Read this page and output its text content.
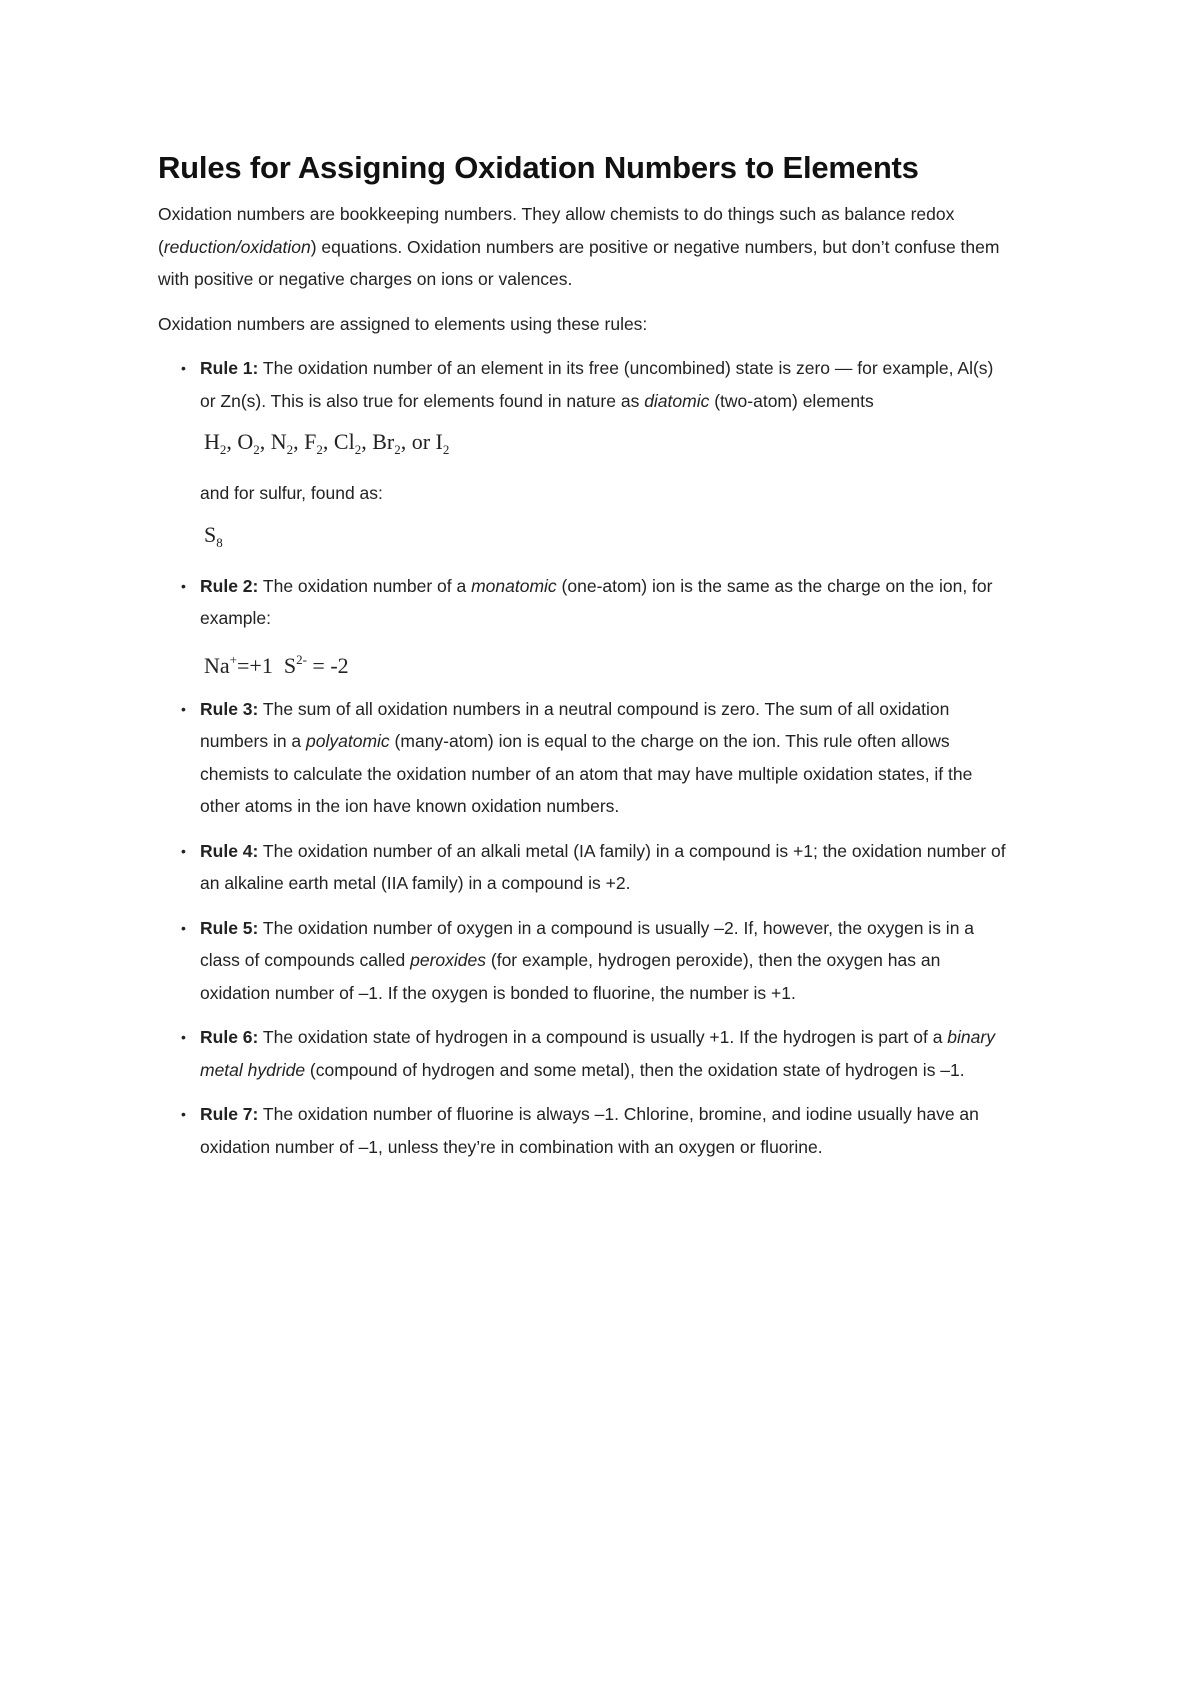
Rules for Assigning Oxidation Numbers to Elements

Oxidation numbers are bookkeeping numbers. They allow chemists to do things such as balance redox (reduction/oxidation) equations. Oxidation numbers are positive or negative numbers, but don’t confuse them with positive or negative charges on ions or valences.

Oxidation numbers are assigned to elements using these rules:

• Rule 1: The oxidation number of an element in its free (uncombined) state is zero — for example, Al(s) or Zn(s). This is also true for elements found in nature as diatomic (two-atom) elements
$H_2$, $O_2$, $N_2$, $F_2$, $Cl_2$, $Br_2$, or $I_2$
and for sulfur, found as:
$S_8$
• Rule 2: The oxidation number of a monatomic (one-atom) ion is the same as the charge on the ion, for example:
Na+=+1 $S^{2-} = -2$
• Rule 3: The sum of all oxidation numbers in a neutral compound is zero. The sum of all oxidation numbers in a polyatomic (many-atom) ion is equal to the charge on the ion. This rule often allows chemists to calculate the oxidation number of an atom that may have multiple oxidation states, if the other atoms in the ion have known oxidation numbers.
• Rule 4: The oxidation number of an alkali metal (IA family) in a compound is +1; the oxidation number of an alkaline earth metal (IIA family) in a compound is +2.
• Rule 5: The oxidation number of oxygen in a compound is usually –2. If, however, the oxygen is in a class of compounds called peroxides (for example, hydrogen peroxide), then the oxygen has an oxidation number of –1. If the oxygen is bonded to fluorine, the number is +1.
• Rule 6: The oxidation state of hydrogen in a compound is usually +1. If the hydrogen is part of a binary metal hydride (compound of hydrogen and some metal), then the oxidation state of hydrogen is –1.
• Rule 7: The oxidation number of fluorine is always –1. Chlorine, bromine, and iodine usually have an oxidation number of –1, unless they’re in combination with an oxygen or fluorine.
